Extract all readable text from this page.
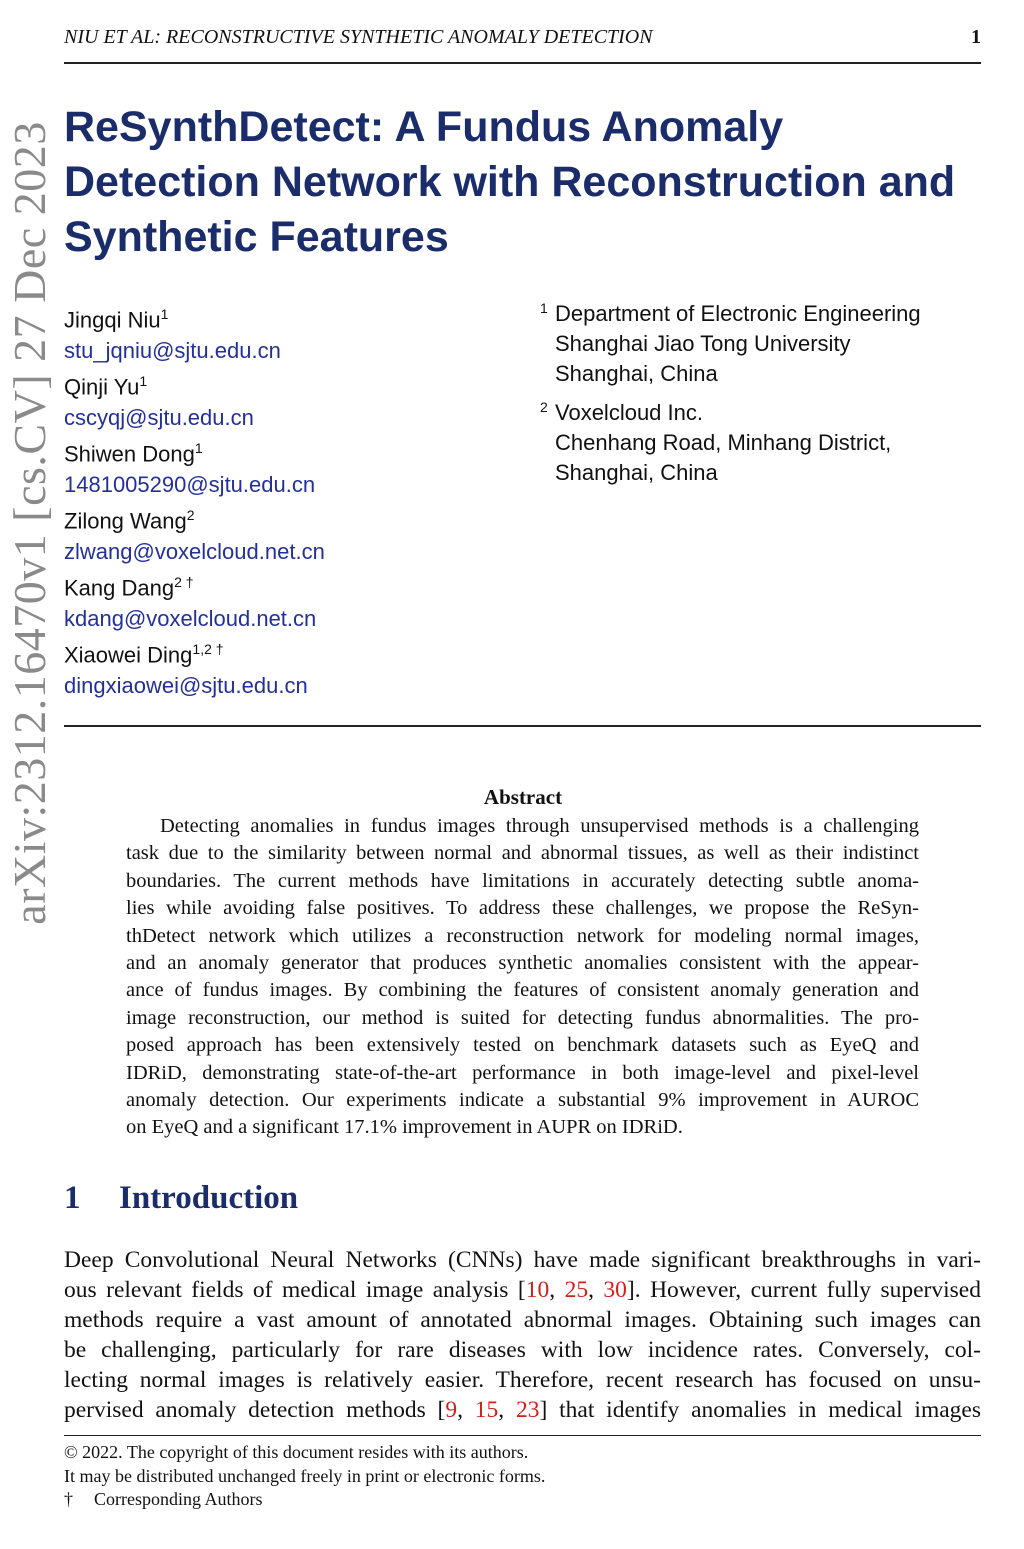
NIU ET AL: RECONSTRUCTIVE SYNTHETIC ANOMALY DETECTION	1
arXiv:2312.16470v1 [cs.CV] 27 Dec 2023 ReSynthDetect: A Fundus Anomaly
Detection Network with Reconstruction and
Synthetic Features
Jingqi Niu$^1$
stu_jqniu@sjtu.edu.cn
Qinji Yu$^1$
cscyqj@sjtu.edu.cn
Shiwen Dong$^1$
1481005290@sjtu.edu.cn
Zilong Wang$^2$
zlwang@voxelcloud.net.cn
Kang Dang$^{2 \dagger}$
kdang@voxelcloud.net.cn
Xiaowei Ding$^{1,2 \dagger}$
dingxiaowei@sjtu.edu.cn
1 Department of Electronic Engineering
Shanghai Jiao Tong University
Shanghai, China
2 Voxelcloud Inc.
Chenhang Road, Minhang District,
Shanghai, China
Abstract
Detecting anomalies in fundus images through unsupervised methods is a challenging
task due to the similarity between normal and abnormal tissues, as well as their indistinct
boundaries. The current methods have limitations in accurately detecting subtle anoma-
lies while avoiding false positives. To address these challenges, we propose the ReSyn-
thDetect network which utilizes a reconstruction network for modeling normal images,
and an anomaly generator that produces synthetic anomalies consistent with the appear-
ance of fundus images. By combining the features of consistent anomaly generation and
image reconstruction, our method is suited for detecting fundus abnormalities. The pro-
posed approach has been extensively tested on benchmark datasets such as EyeQ and
IDRiD, demonstrating state-of-the-art performance in both image-level and pixel-level
anomaly detection. Our experiments indicate a substantial 9% improvement in AUROC
on EyeQ and a significant 17.1% improvement in AUPR on IDRiD.
1 Introduction
Deep Convolutional Neural Networks (CNNs) have made significant breakthroughs in vari-
ous relevant fields of medical image analysis [10, 25, 30]. However, current fully supervised
methods require a vast amount of annotated abnormal images. Obtaining such images can
be challenging, particularly for rare diseases with low incidence rates. Conversely, col-
lecting normal images is relatively easier. Therefore, recent research has focused on unsu-
pervised anomaly detection methods [9, 15, 23] that identify anomalies in medical images
© 2022. The copyright of this document resides with its authors.
It may be distributed unchanged freely in print or electronic forms.
† Corresponding Authors
